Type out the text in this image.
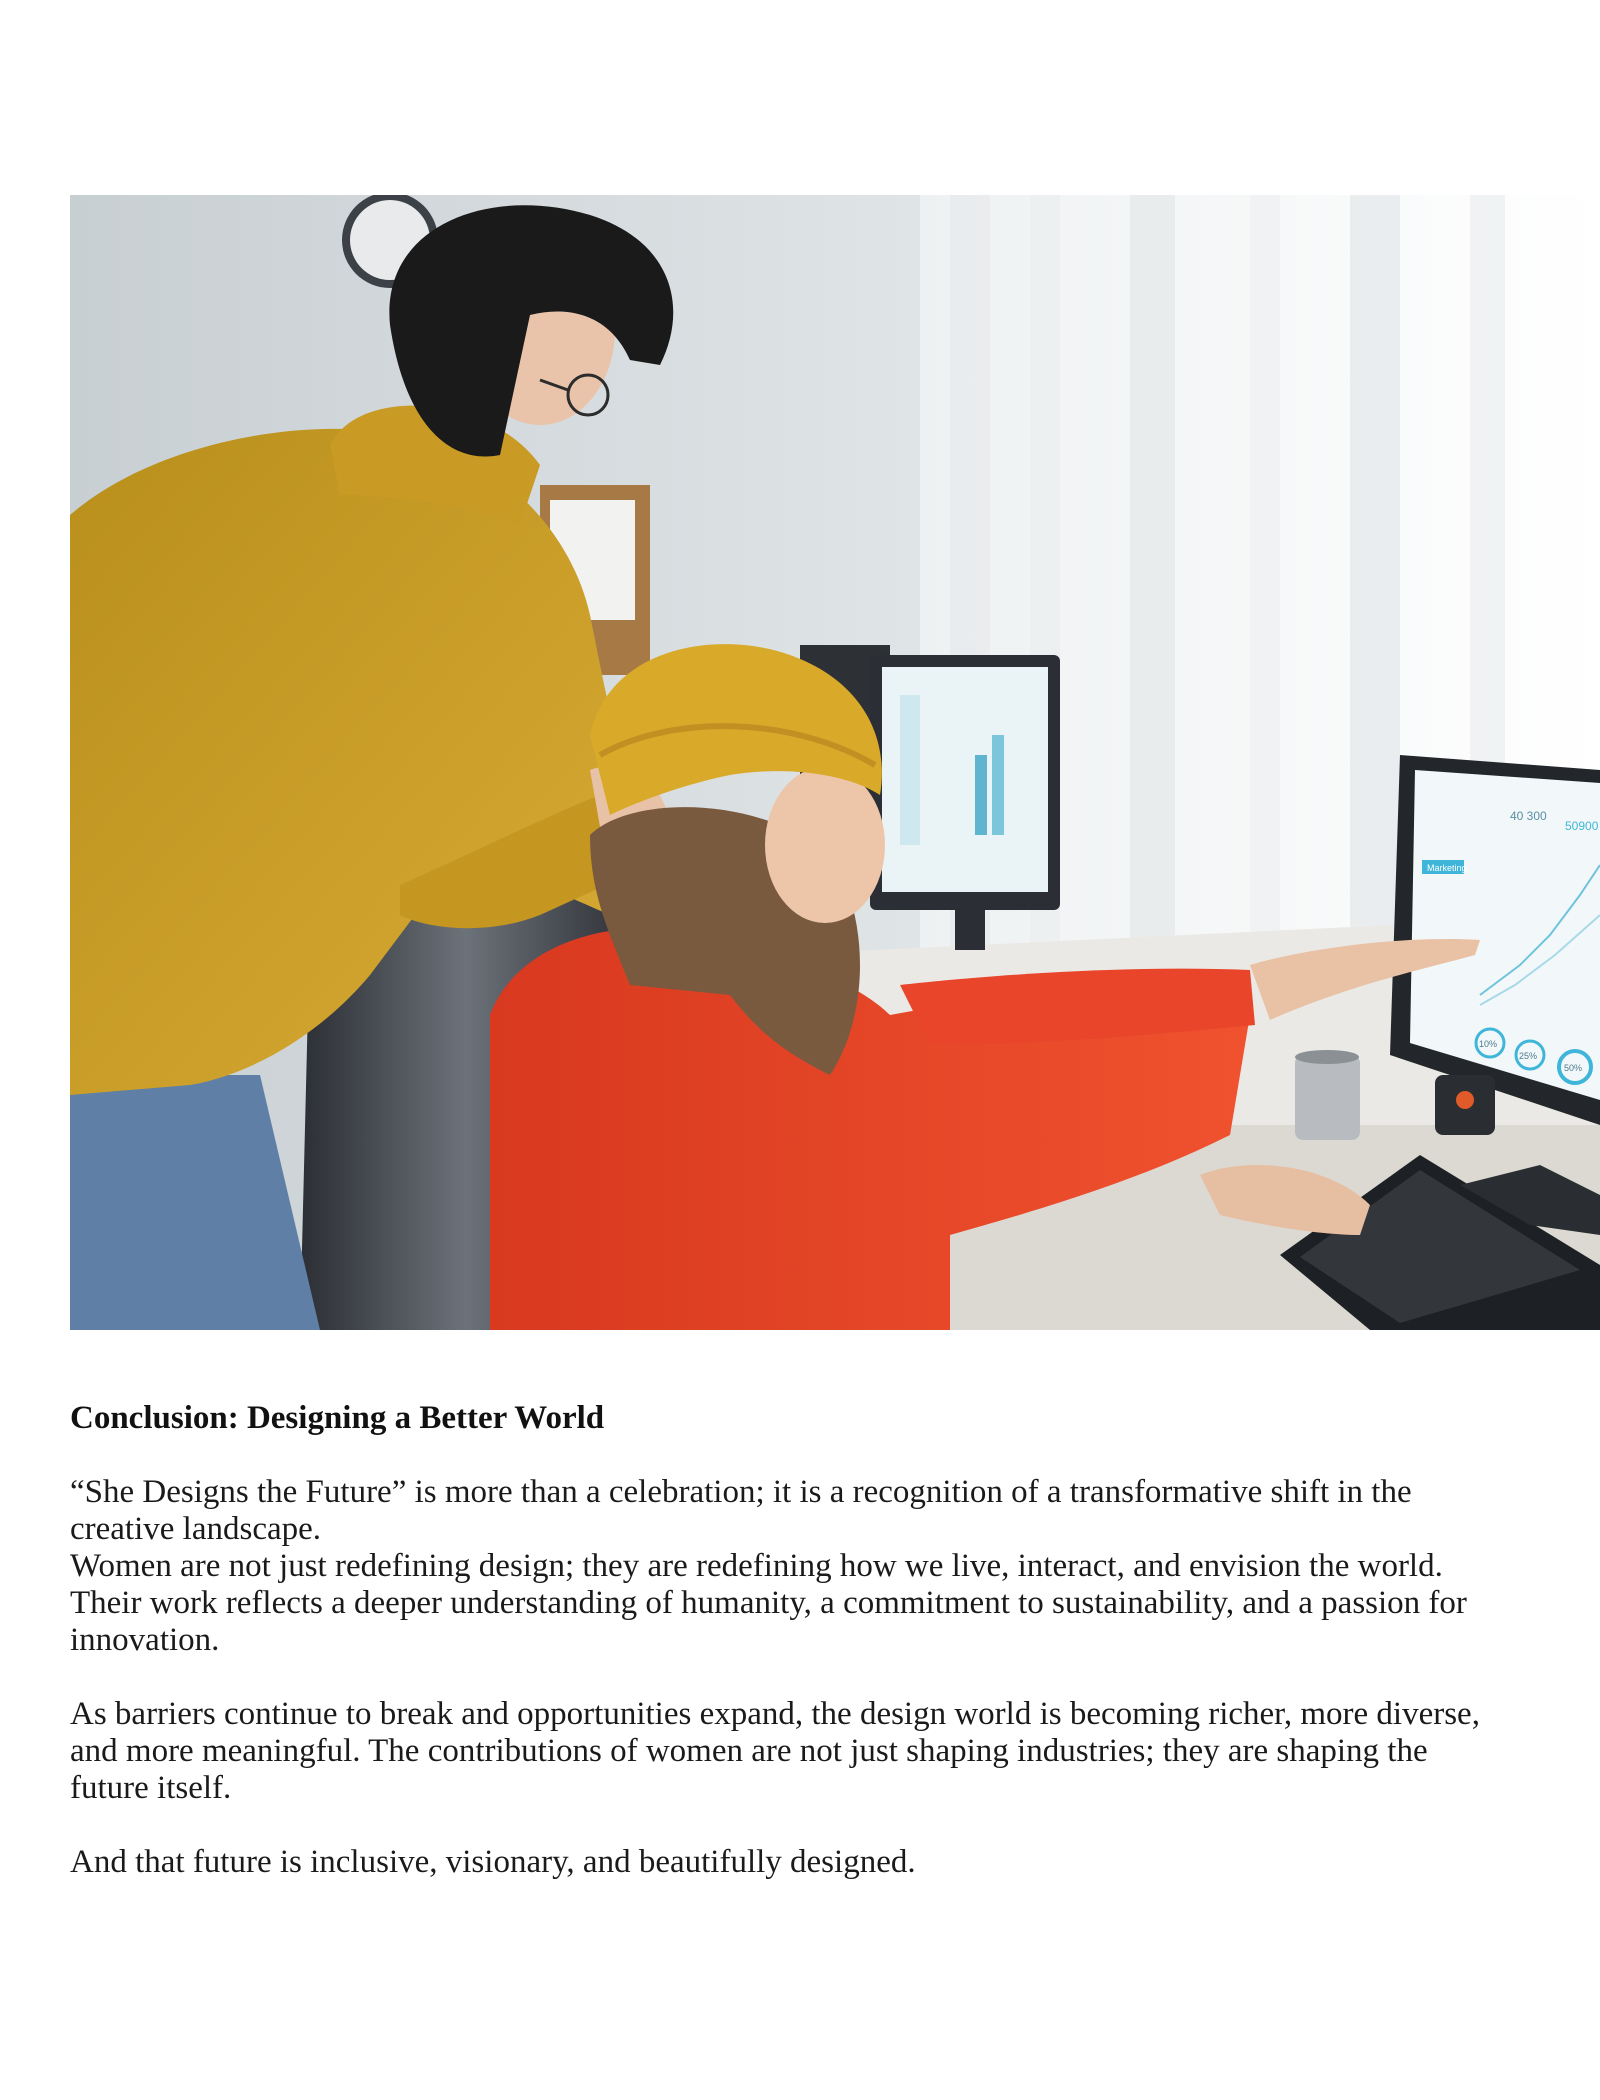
Marketing
40 300
50900
10%
25%
50%
Conclusion: Designing a Better World

“She Designs the Future” is more than a celebration; it is a recognition of a transformative shift in the creative landscape.
Women are not just redefining design; they are redefining how we live, interact, and envision the world. Their work reflects a deeper understanding of humanity, a commitment to sustainability, and a passion for innovation.

As barriers continue to break and opportunities expand, the design world is becoming richer, more diverse, and more meaningful. The contributions of women are not just shaping industries; they are shaping the future itself.

And that future is inclusive, visionary, and beautifully designed.
